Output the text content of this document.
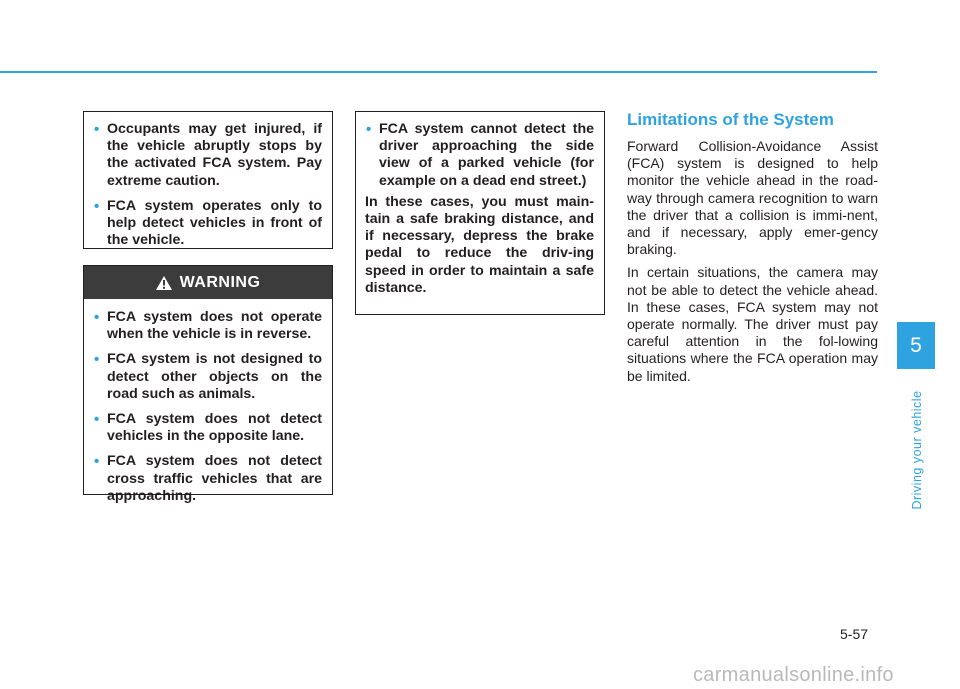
• Occupants may get injured, if the vehicle abruptly stops by the activated FCA system. Pay extreme caution.
• FCA system operates only to help detect vehicles in front of the vehicle.
WARNING
• FCA system does not operate when the vehicle is in reverse.
• FCA system is not designed to detect other objects on the road such as animals.
• FCA system does not detect vehicles in the opposite lane.
• FCA system does not detect cross traffic vehicles that are approaching.
• FCA system cannot detect the driver approaching the side view of a parked vehicle (for example on a dead end street.)

In these cases, you must main-tain a safe braking distance, and if necessary, depress the brake pedal to reduce the driv-ing speed in order to maintain a safe distance.

Limitations of the System

Forward Collision-Avoidance Assist (FCA) system is designed to help monitor the vehicle ahead in the road-way through camera recognition to warn the driver that a collision is immi-nent, and if necessary, apply emer-gency braking.

In certain situations, the camera may not be able to detect the vehicle ahead. In these cases, FCA system may not operate normally. The driver must pay careful attention in the fol-lowing situations where the FCA operation may be limited.

5
Driving your vehicle
5-57
carmanualsonline.info
